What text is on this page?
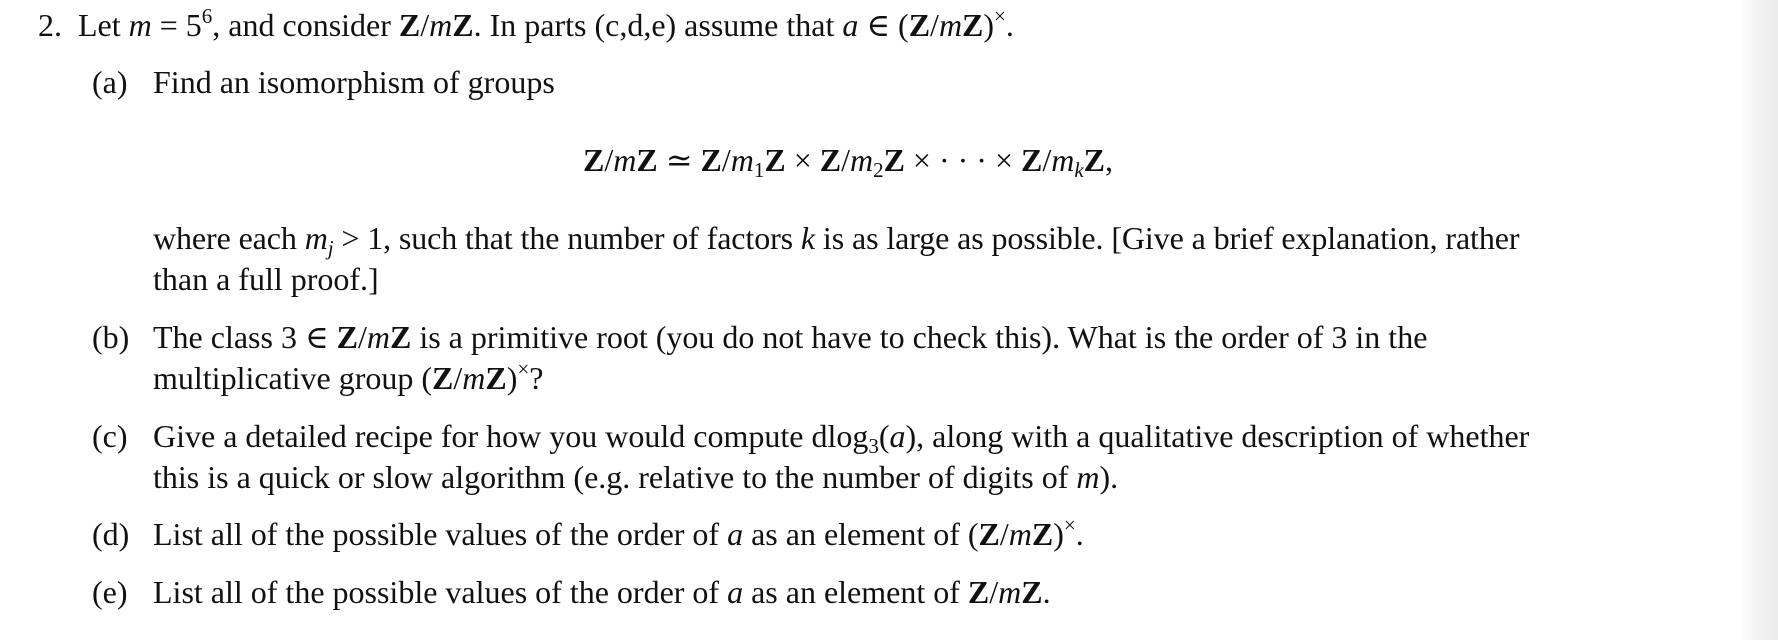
2. Let $m = 5^6$, and consider Z/mZ. In parts (c,d,e) assume that a ∈ (Z/mZ)×.
(a) Find an isomorphism of groups
Z/mZ ≃ $Z/m_1Z \times Z/m_2Z$ × · · · × $Z/m_kZ$,
where each $m_j > 1$, such that the number of factors k is as large as possible. [Give a brief explanation, rather
than a full proof.]
(b) The class 3 ∈ Z/mZ is a primitive root (you do not have to check this). What is the order of 3 in the
multiplicative group (Z/mZ)×?
(c) Give a detailed recipe for how you would compute dlog$_3$(a), along with a qualitative description of whether
this is a quick or slow algorithm (e.g. relative to the number of digits of m).
(d) List all of the possible values of the order of a as an element of (Z/mZ)×.
(e) List all of the possible values of the order of a as an element of Z/mZ.
